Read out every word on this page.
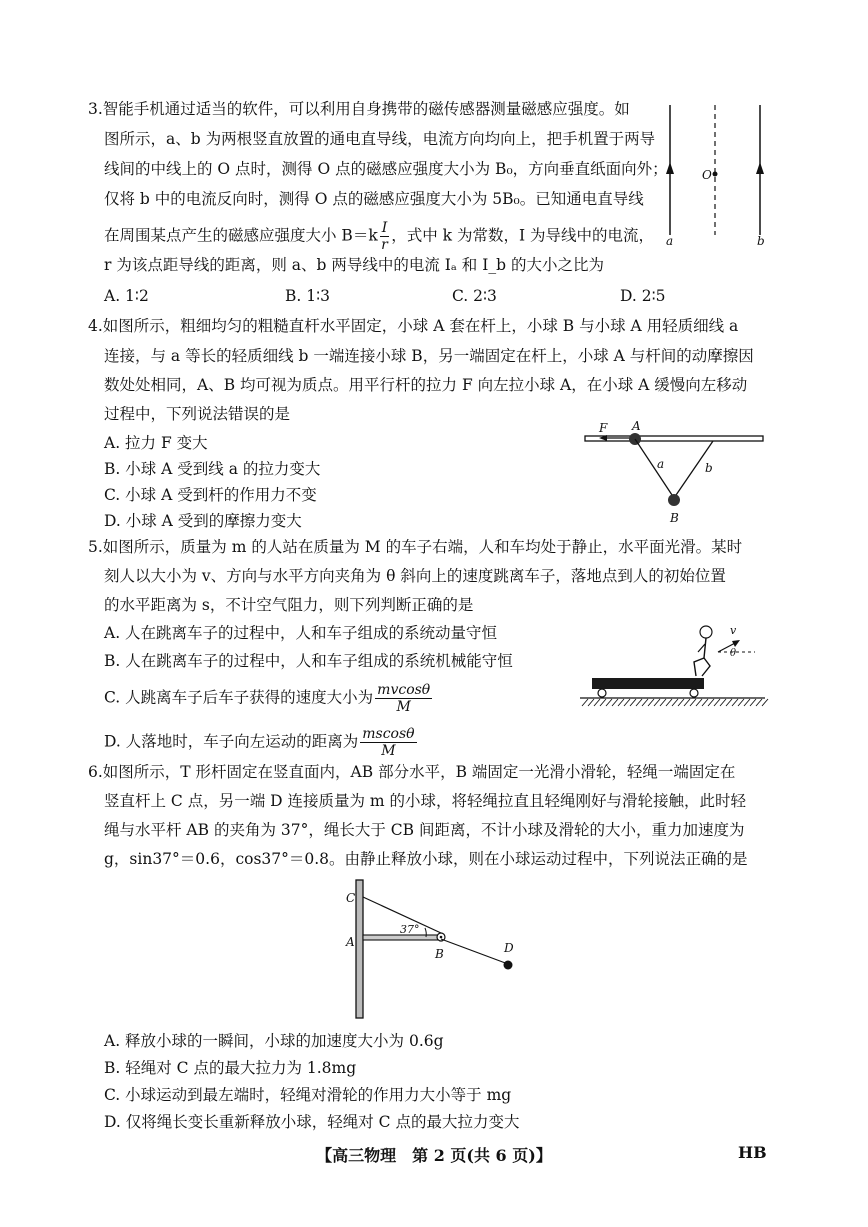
3.智能手机通过适当的软件，可以利用自身携带的磁传感器测量磁感应强度。如
图所示，a、b 为两根竖直放置的通电直导线，电流方向均向上，把手机置于两导
线间的中线上的 O 点时，测得 O 点的磁感应强度大小为 B₀，方向垂直纸面向外；
仅将 b 中的电流反向时，测得 O 点的磁感应强度大小为 5B₀。已知通电直导线
在周围某点产生的磁感应强度大小 $B=k \frac{I}{r}$ ，式中 k 为常数，I 为导线中的电流，
r 为该点距导线的距离，则 a、b 两导线中的电流 Iₐ 和 I_b 的大小之比为
A. 1∶2	B. 1∶3	C. 2∶3	D. 2∶5
a
O
b
4.如图所示，粗细均匀的粗糙直杆水平固定，小球 A 套在杆上，小球 B 与小球 A 用轻质细线 a
连接，与 a 等长的轻质细线 b 一端连接小球 B，另一端固定在杆上，小球 A 与杆间的动摩擦因
数处处相同，A、B 均可视为质点。用平行杆的拉力 F 向左拉小球 A，在小球 A 缓慢向左移动
过程中，下列说法错误的是
A. 拉力 F 变大
B. 小球 A 受到线 a 的拉力变大
C. 小球 A 受到杆的作用力不变
D. 小球 A 受到的摩擦力变大
F A
a	b
B
5.如图所示，质量为 m 的人站在质量为 M 的车子右端，人和车均处于静止，水平面光滑。某时
刻人以大小为 v、方向与水平方向夹角为 θ 斜向上的速度跳离车子，落地点到人的初始位置
的水平距离为 s，不计空气阻力，则下列判断正确的是
A. 人在跳离车子的过程中，人和车子组成的系统动量守恒
B. 人在跳离车子的过程中，人和车子组成的系统机械能守恒
C. 人跳离车子后车子获得的速度大小为 $\frac{mvcos\theta}{M}$
D. 人落地时，车子向左运动的距离为 $\frac{mscos\theta}{M}$
v
θ
6.如图所示，T 形杆固定在竖直面内，AB 部分水平，B 端固定一光滑小滑轮，轻绳一端固定在
竖直杆上 C 点，另一端 D 连接质量为 m 的小球，将轻绳拉直且轻绳刚好与滑轮接触，此时轻
绳与水平杆 AB 的夹角为 37°，绳长大于 CB 间距离，不计小球及滑轮的大小，重力加速度为
g，sin37°＝0.6，cos37°＝0.8。由静止释放小球，则在小球运动过程中，下列说法正确的是
C
A
B	D
37°
A. 释放小球的一瞬间，小球的加速度大小为 0.6g
B. 轻绳对 C 点的最大拉力为 1.8mg
C. 小球运动到最左端时，轻绳对滑轮的作用力大小等于 mg
D. 仅将绳长变长重新释放小球，轻绳对 C 点的最大拉力变大
【高三物理　第 2 页(共 6 页)】	HB
